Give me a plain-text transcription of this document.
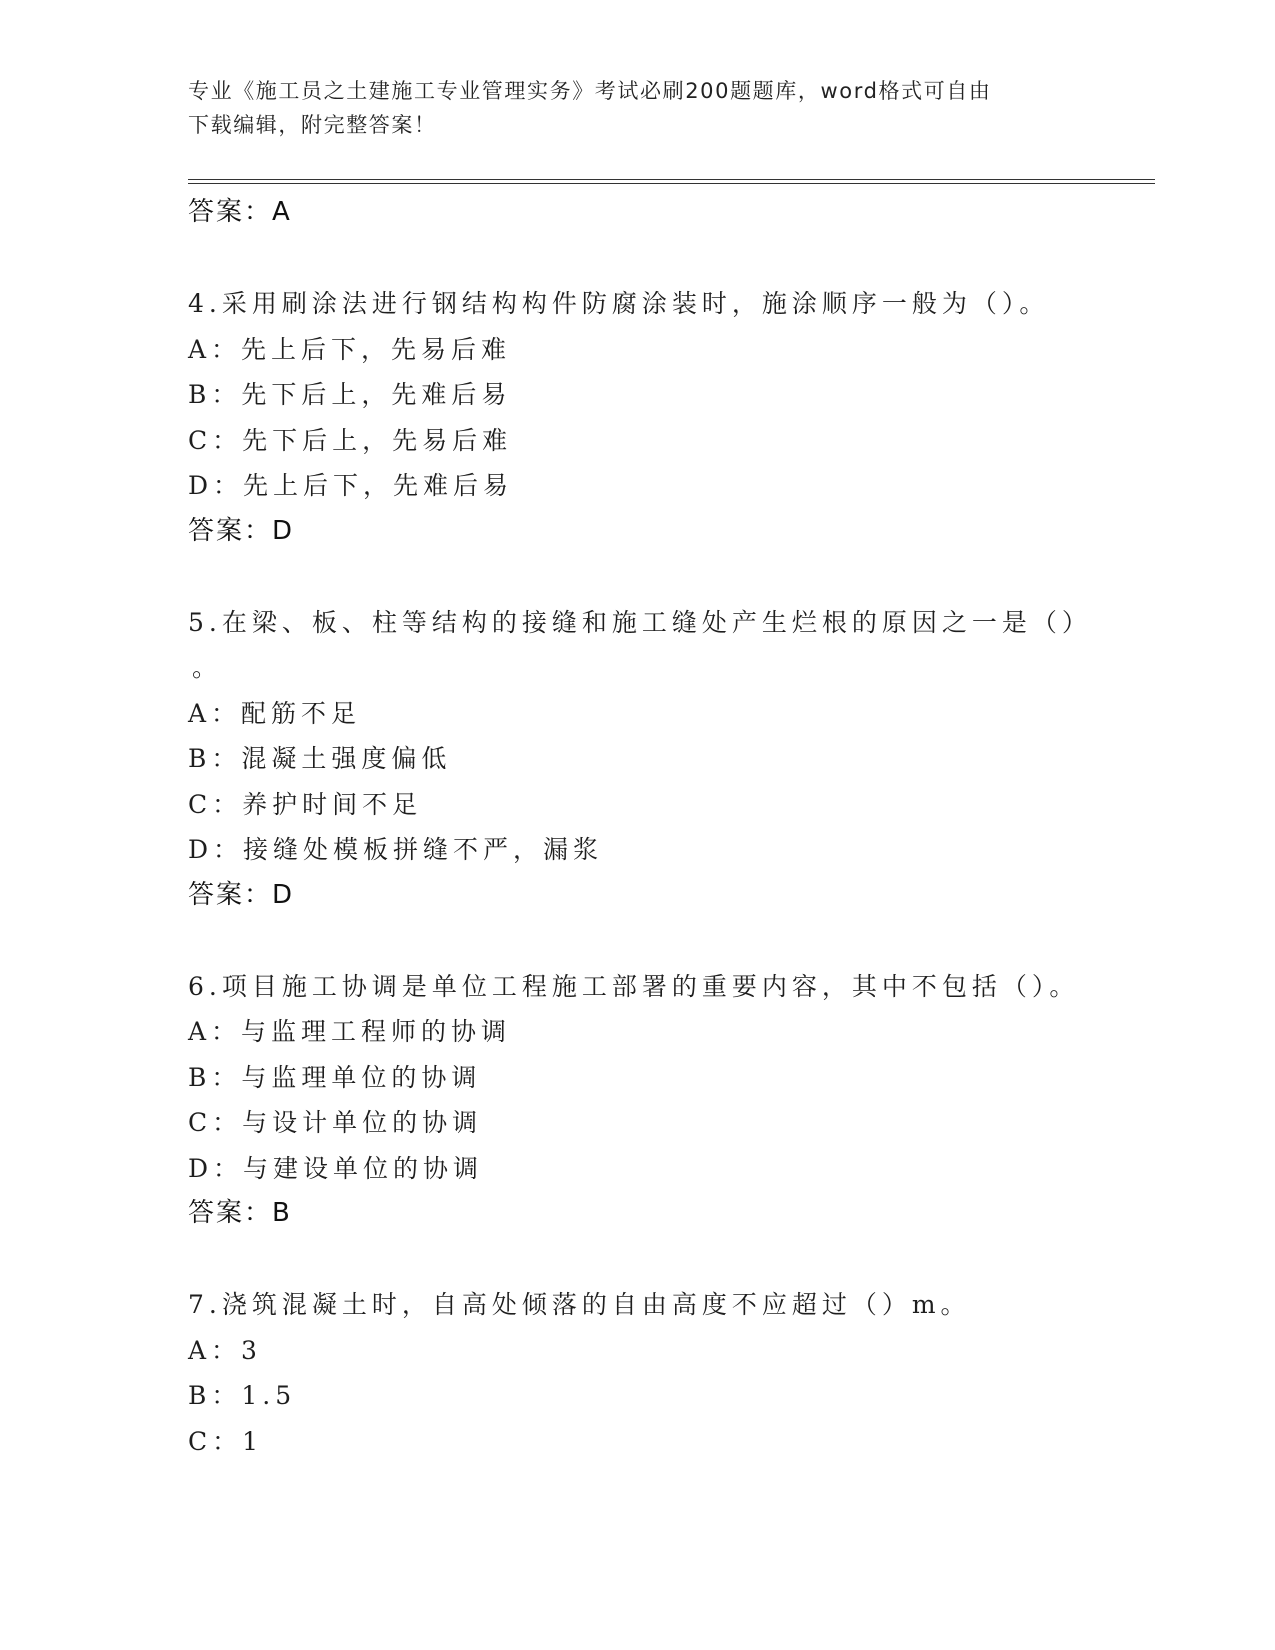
专业《施工员之土建施工专业管理实务》考试必刷200题题库，word格式可自由
下载编辑，附完整答案！
答案：A
4.采用刷涂法进行钢结构构件防腐涂装时，施涂顺序一般为（）。
A：先上后下，先易后难
B：先下后上，先难后易
C：先下后上，先易后难
D：先上后下，先难后易
答案：D
5.在梁、板、柱等结构的接缝和施工缝处产生烂根的原因之一是（）
。
A：配筋不足
B：混凝土强度偏低
C：养护时间不足
D：接缝处模板拼缝不严，漏浆
答案：D
6.项目施工协调是单位工程施工部署的重要内容，其中不包括（）。
A：与监理工程师的协调
B：与监理单位的协调
C：与设计单位的协调
D：与建设单位的协调
答案：B
7.浇筑混凝土时，自高处倾落的自由高度不应超过（）m。
A：3
B：1.5
C：1
